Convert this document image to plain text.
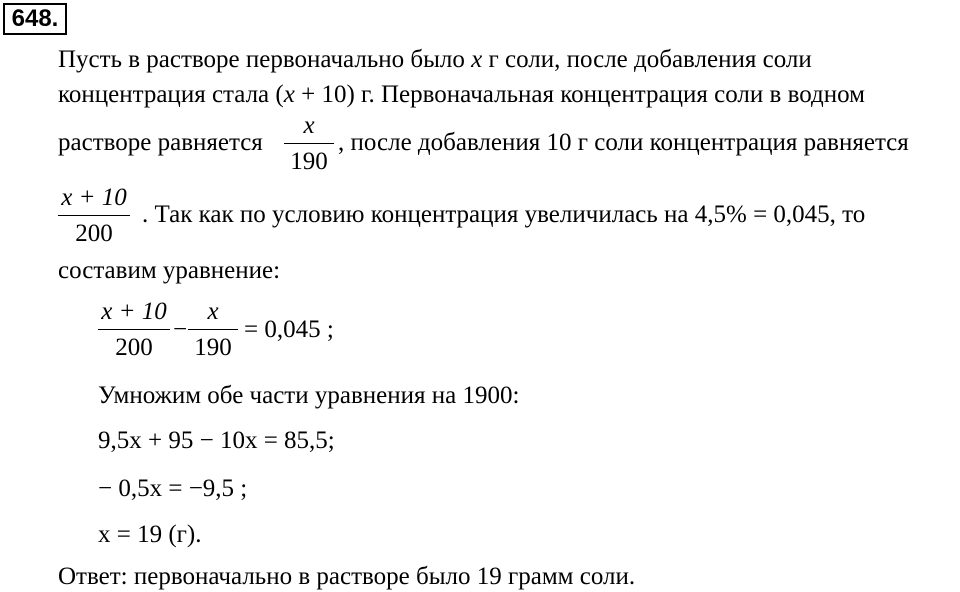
648.
Пусть в растворе первоначально было x г соли, после добавления соли
концентрация стала (x + 10) г. Первоначальная концентрация соли в водном
растворе равняется
x
190
, после добавления 10 г соли концентрация равняется
x + 10
200
. Так как по условию концентрация увеличилась на 4,5% = 0,045, то
составим уравнение:
x + 10
200
−
x
190
= 0,045 ;
Умножим обе части уравнения на 1900:
9,5x + 95 − 10x = 85,5;
− 0,5x = −9,5 ;
x = 19 (г).
Ответ: первоначально в растворе было 19 грамм соли.
